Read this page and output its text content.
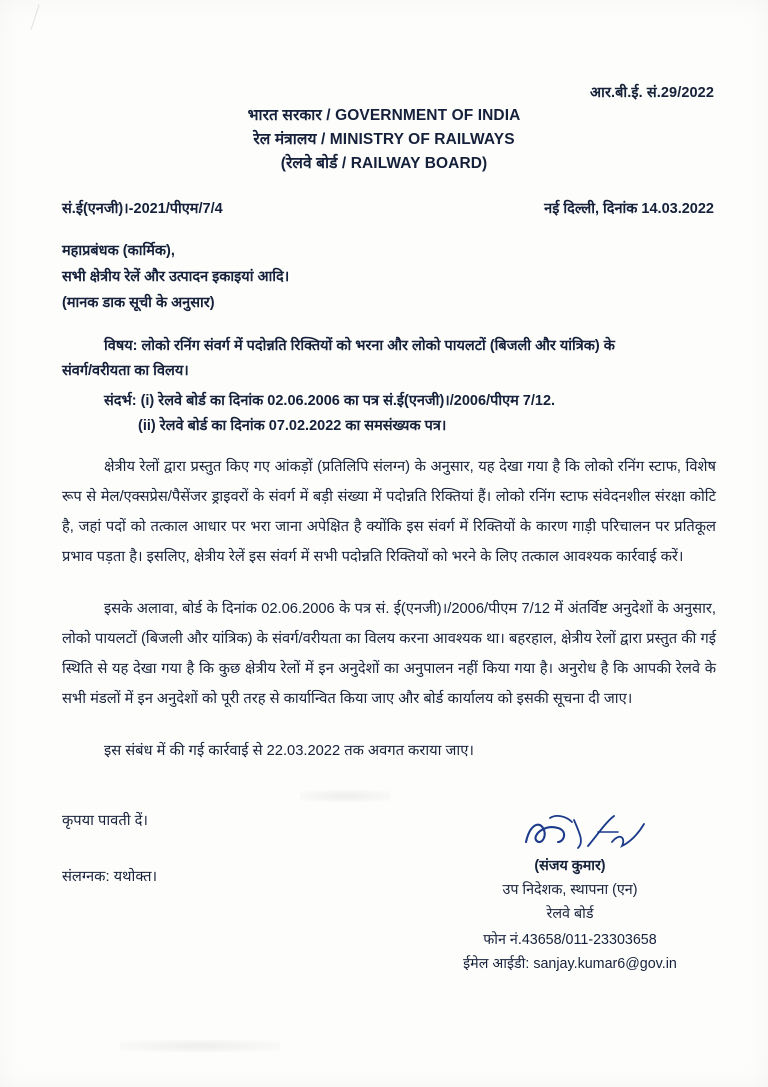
आर.बी.ई. सं.29/2022
भारत सरकार / GOVERNMENT OF INDIA
रेल मंत्रालय / MINISTRY OF RAILWAYS
(रेलवे बोर्ड / RAILWAY BOARD)
सं.ई(एनजी)।-2021/पीएम/7/4	नई दिल्ली, दिनांक 14.03.2022
महाप्रबंधक (कार्मिक),
सभी क्षेत्रीय रेलें और उत्पादन इकाइयां आदि।
(मानक डाक सूची के अनुसार)
विषय: लोको रनिंग संवर्ग में पदोन्नति रिक्तियों को भरना और लोको पायलटों (बिजली और यांत्रिक) के
संवर्ग/वरीयता का विलय।
संदर्भ: (i) रेलवे बोर्ड का दिनांक 02.06.2006 का पत्र सं.ई(एनजी)।/2006/पीएम 7/12.
(ii) रेलवे बोर्ड का दिनांक 07.02.2022 का समसंख्यक पत्र।

क्षेत्रीय रेलों द्वारा प्रस्तुत किए गए आंकड़ों (प्रतिलिपि संलग्न) के अनुसार, यह देखा गया है कि लोको रनिंग स्टाफ, विशेष रूप से मेल/एक्सप्रेस/पैसेंजर ड्राइवरों के संवर्ग में बड़ी संख्या में पदोन्नति रिक्तियां हैं। लोको रनिंग स्टाफ संवेदनशील संरक्षा कोटि है, जहां पदों को तत्काल आधार पर भरा जाना अपेक्षित है क्योंकि इस संवर्ग में रिक्तियों के कारण गाड़ी परिचालन पर प्रतिकूल प्रभाव पड़ता है। इसलिए, क्षेत्रीय रेलें इस संवर्ग में सभी पदोन्नति रिक्तियों को भरने के लिए तत्काल आवश्यक कार्रवाई करें।

इसके अलावा, बोर्ड के दिनांक 02.06.2006 के पत्र सं. ई(एनजी)।/2006/पीएम 7/12 में अंतर्विष्ट अनुदेशों के अनुसार, लोको पायलटों (बिजली और यांत्रिक) के संवर्ग/वरीयता का विलय करना आवश्यक था। बहरहाल, क्षेत्रीय रेलों द्वारा प्रस्तुत की गई स्थिति से यह देखा गया है कि कुछ क्षेत्रीय रेलों में इन अनुदेशों का अनुपालन नहीं किया गया है। अनुरोध है कि आपकी रेलवे के सभी मंडलों में इन अनुदेशों को पूरी तरह से कार्यान्वित किया जाए और बोर्ड कार्यालय को इसकी सूचना दी जाए।

इस संबंध में की गई कार्रवाई से 22.03.2022 तक अवगत कराया जाए।

कृपया पावती दें।
संलग्नक: यथोक्त।
(संजय कुमार)
उप निदेशक, स्थापना (एन)
रेलवे बोर्ड
फोन नं.43658/011-23303658
ईमेल आईडी: sanjay.kumar6@gov.in
